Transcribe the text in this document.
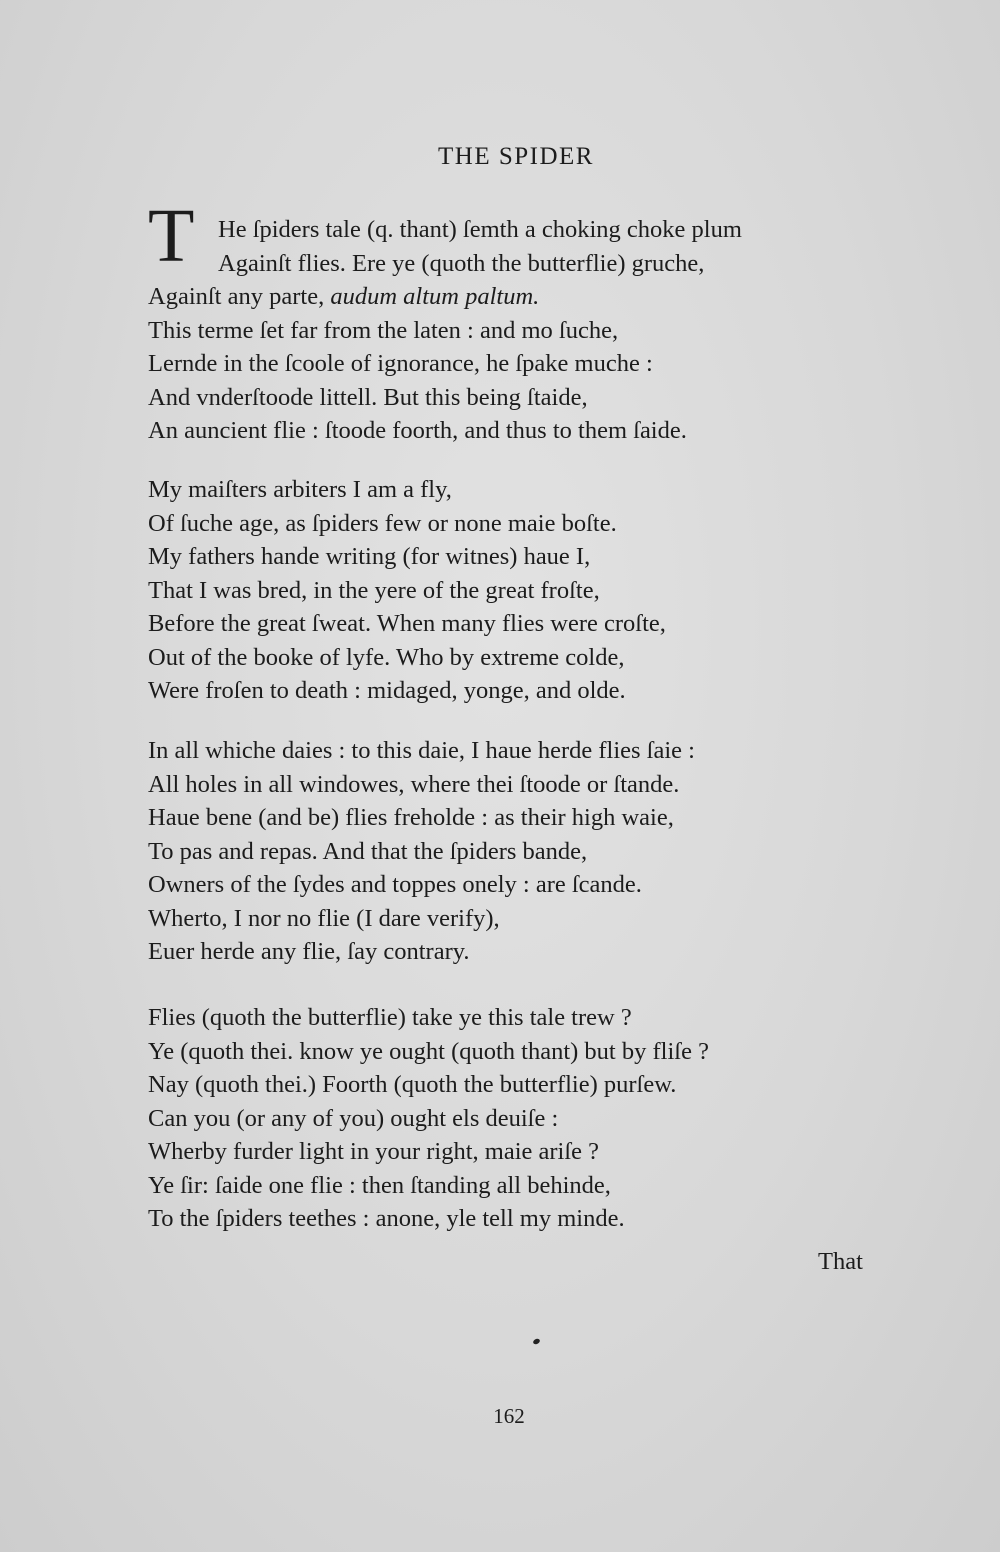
THE SPIDER
T He ſpiders tale (q. thant) ſemth a choking choke plum
Againſt flies. Ere ye (quoth the butterflie) gruche,
Againſt any parte, audum altum paltum.
This terme ſet far from the laten : and mo ſuche,
Lernde in the ſcoole of ignorance, he ſpake muche :
And vnderſtoode littell. But this being ſtaide,
An auncient flie : ſtoode foorth, and thus to them ſaide.
My maiſters arbiters I am a fly,
Of ſuche age, as ſpiders few or none maie boſte.
My fathers hande writing (for witnes) haue I,
That I was bred, in the yere of the great froſte,
Before the great ſweat. When many flies were croſte,
Out of the booke of lyfe. Who by extreme colde,
Were froſen to death : midaged, yonge, and olde.
In all whiche daies : to this daie, I haue herde flies ſaie :
All holes in all windowes, where thei ſtoode or ſtande.
Haue bene (and be) flies freholde : as their high waie,
To pas and repas. And that the ſpiders bande,
Owners of the ſydes and toppes onely : are ſcande.
Wherto, I nor no flie (I dare verify),
Euer herde any flie, ſay contrary.
Flies (quoth the butterflie) take ye this tale trew ?
Ye (quoth thei. know ye ought (quoth thant) but by fliſe ?
Nay (quoth thei.) Foorth (quoth the butterflie) purſew.
Can you (or any of you) ought els deuiſe :
Wherby furder light in your right, maie ariſe ?
Ye ſir: ſaide one flie : then ſtanding all behinde,
To the ſpiders teethes : anone, yle tell my minde.

That

162
